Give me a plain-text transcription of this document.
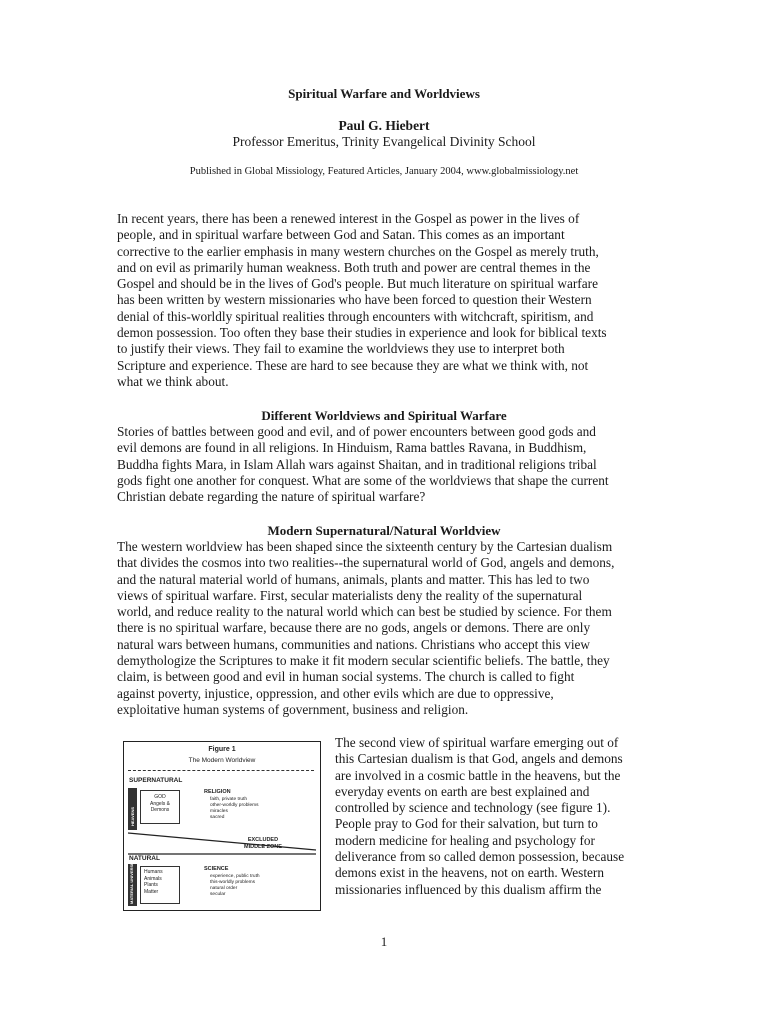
Spiritual Warfare and Worldviews
Paul G. Hiebert
Professor Emeritus, Trinity Evangelical Divinity School
Published in Global Missiology, Featured Articles, January 2004, www.globalmissiology.net
In recent years, there has been a renewed interest in the Gospel as power in the lives of
people, and in spiritual warfare between God and Satan. This comes as an important
corrective to the earlier emphasis in many western churches on the Gospel as merely truth,
and on evil as primarily human weakness. Both truth and power are central themes in the
Gospel and should be in the lives of God's people. But much literature on spiritual warfare
has been written by western missionaries who have been forced to question their Western
denial of this-worldly spiritual realities through encounters with witchcraft, spiritism, and
demon possession. Too often they base their studies in experience and look for biblical texts
to justify their views. They fail to examine the worldviews they use to interpret both
Scripture and experience. These are hard to see because they are what we think with, not
what we think about.
Different Worldviews and Spiritual Warfare
Stories of battles between good and evil, and of power encounters between good gods and
evil demons are found in all religions. In Hinduism, Rama battles Ravana, in Buddhism,
Buddha fights Mara, in Islam Allah wars against Shaitan, and in traditional religions tribal
gods fight one another for conquest. What are some of the worldviews that shape the current
Christian debate regarding the nature of spiritual warfare?
Modern Supernatural/Natural Worldview
The western worldview has been shaped since the sixteenth century by the Cartesian dualism
that divides the cosmos into two realities--the supernatural world of God, angels and demons,
and the natural material world of humans, animals, plants and matter. This has led to two
views of spiritual warfare. First, secular materialists deny the reality of the supernatural
world, and reduce reality to the natural world which can best be studied by science. For them
there is no spiritual warfare, because there are no gods, angels or demons. There are only
natural wars between humans, communities and nations. Christians who accept this view
demythologize the Scriptures to make it fit modern secular scientific beliefs. The battle, they
claim, is between good and evil in human social systems. The church is called to fight
against poverty, injustice, oppression, and other evils which are due to oppressive,
exploitative human systems of government, business and religion.
Figure 1
The Modern Worldview
SUPERNATURAL
HEAVENS
GOD
Angels &
Demons
RELIGION
faith, private truth
other-worldly problems
miracles
sacred
EXCLUDED
MIDDLE ZONE
NATURAL
MATERIAL UNIVERSE Humans
Animals
Plants
Matter
SCIENCE
experience, public truth
this-worldly problems
natural order
secular
The second view of spiritual warfare emerging out of
this Cartesian dualism is that God, angels and demons
are involved in a cosmic battle in the heavens, but the
everyday events on earth are best explained and
controlled by science and technology (see figure 1).
People pray to God for their salvation, but turn to
modern medicine for healing and psychology for
deliverance from so called demon possession, because
demons exist in the heavens, not on earth. Western
missionaries influenced by this dualism affirm the
1
